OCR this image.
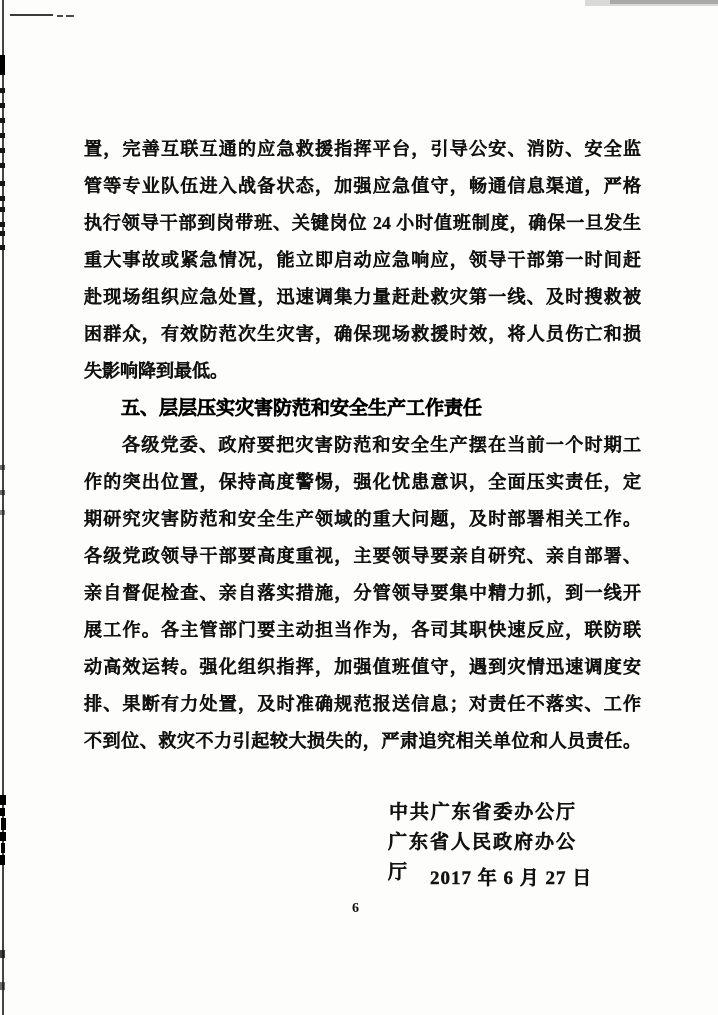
置，完善互联互通的应急救援指挥平台，引导公安、消防、安全监
管等专业队伍进入战备状态，加强应急值守，畅通信息渠道，严格
执行领导干部到岗带班、关键岗位 24 小时值班制度，确保一旦发生
重大事故或紧急情况，能立即启动应急响应，领导干部第一时间赶
赴现场组织应急处置，迅速调集力量赶赴救灾第一线、及时搜救被
困群众，有效防范次生灾害，确保现场救援时效，将人员伤亡和损
失影响降到最低。
五、层层压实灾害防范和安全生产工作责任
各级党委、政府要把灾害防范和安全生产摆在当前一个时期工
作的突出位置，保持高度警惕，强化忧患意识，全面压实责任，定
期研究灾害防范和安全生产领域的重大问题，及时部署相关工作。
各级党政领导干部要高度重视，主要领导要亲自研究、亲自部署、
亲自督促检查、亲自落实措施，分管领导要集中精力抓，到一线开
展工作。各主管部门要主动担当作为，各司其职快速反应，联防联
动高效运转。强化组织指挥，加强值班值守，遇到灾情迅速调度安
排、果断有力处置，及时准确规范报送信息；对责任不落实、工作
不到位、救灾不力引起较大损失的，严肃追究相关单位和人员责任。
中共广东省委办公厅
广东省人民政府办公厅	2017 年 6 月 27 日
6
